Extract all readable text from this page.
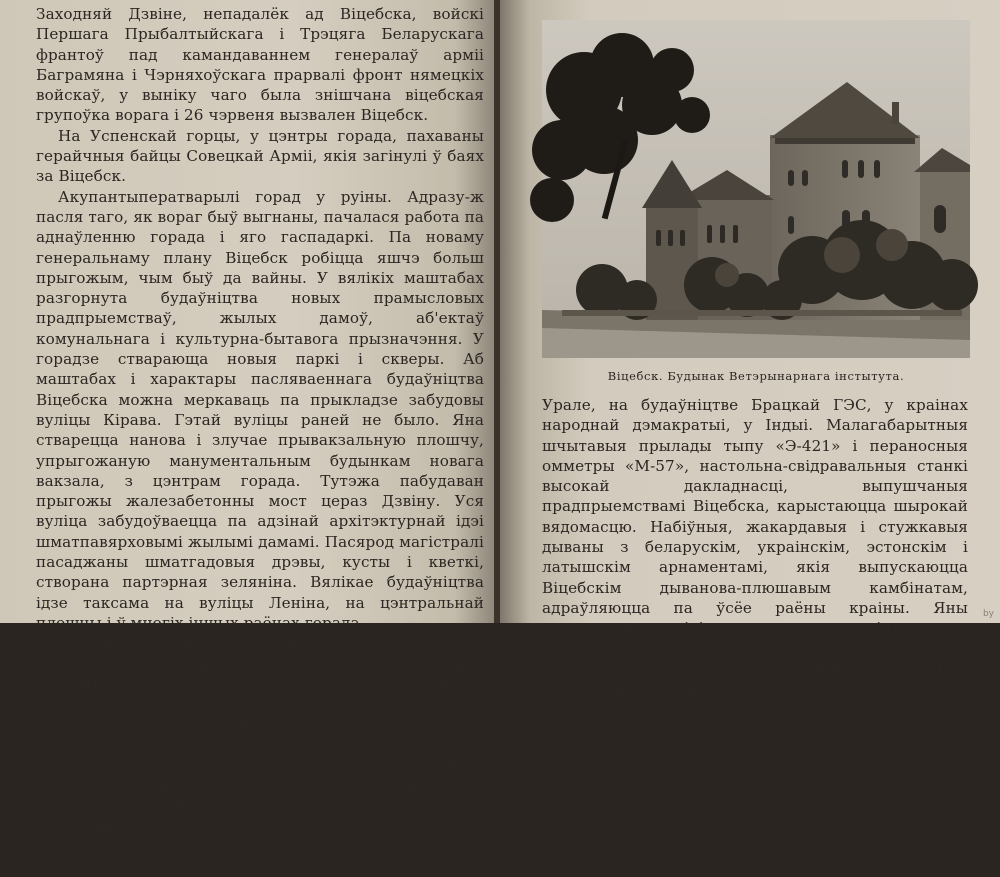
Заходняй Дзвіне, непадалёк ад Віцебска, войскі Першага Прыбалтыйскага і Трэцяга Беларускага франтоў пад камандаваннем генералаў арміі Баграмяна і Чэрняхоўскага прарвалі фронт нямецкіх войскаў, у выніку чаго была знішчана віцебская групоўка ворага і 26 чэрвеня вызвален Віцебск.

На Успенскай горцы, у цэнтры горада, пахаваны герайчныя байцы Совецкай Арміі, якія загінулі ў баях за Віцебск.

Акупантыператварылі горад у руіны. Адразу-ж пасля таго, як вораг быў выгнаны, пачалася работа па аднаўленню горада і яго гаспадаркі. Па новаму генеральнаму плану Віцебск робіцца яшчэ больш прыгожым, чым быў да вайны. У вялікіх маштабах разгорнута будаўніцтва новых прамысловых прадпрыемстваў, жылых дамоў, аб'ектаў комунальнага і культурна-бытавога прызначэння. У горадзе стварающа новыя паркі і скверы. Аб маштабах і характары пасляваеннага будаўніцтва Віцебска можна меркаваць па прыкладзе забудовы вуліцы Кірава. Гэтай вуліцы раней не было. Яна стварецца нанова і злучае прывакзальную плошчу, упрыгожаную манументальным будынкам новага вакзала, з цэнтрам горада. Тутэжа пабудаван прыгожы жалезабетонны мост цераз Дзвіну. Уся вуліца забудоўваецца па адзінай архітэктурнай ідэі шматпавярховымі жылымі дамамі. Пасярод магістралі пасаджаны шматгадовыя дрэвы, кусты і кветкі, створана партэрная зеляніна. Вялікае будаўніцтва ідзе таксама на вуліцы Леніна, на цэнтральнай плошчы і ў многіх іншых раёнах горада.

У Віцебску сканцэнтравана вялікая колькасць фабрык і заводаў, шмат якія з іх маюць усесаюзнае значэнне. Тут працуюць адна з буйнейшых ільнопрадзільных фабрык, станкабудаўнічыя заводы, найбуйнейшы домабудаўнічы камбінат, вось-камеханізаваная панчошна-трыкатажная фабрыка «КІМ», швейная фабрыка «Сцяг індустрыялізацыі», гумава-тасёмачная фабрыка, вядомы дыванова-плюшавы камбінат, мэблевая фабрыка, фабрыка патэфонных іголак і іншыя прадпрыемствы.

Станкі з маркай «Віцебск» можна цяпер сустрэць на Алтаі,

Віцебск. Будынак Ветэрынарнага інстытута.

Урале, на будаўніцтве Брацкай ГЭС, у краінах народнай дэмакратыі, у Індыі. Малагабарытныя шчытавыя прылады тыпу «Э-421» і пераносныя омметры «М-57», настольна-свідравальныя станкі высокай дакладнасці, выпушчаныя прадпрыемствамі Віцебска, карыстаюцца шырокай вядомасцю. Набіўныя, жакардавыя і стужкавыя дываны з беларускім, украінскім, эстонскім і латышскім арнаментамі, якія выпускаюцца Віцебскім дыванова-плюшавым камбінатам, адраўляюцца па ўсёе раёны краіны. Яны карыстаюцца вялікім попытам у насельніцтва.

Віцебск — важны культурны цэнтр рэспублікі. Тут працуе адна з найстарэйшых вышэйшых навучальных устаноў Бела-

by
